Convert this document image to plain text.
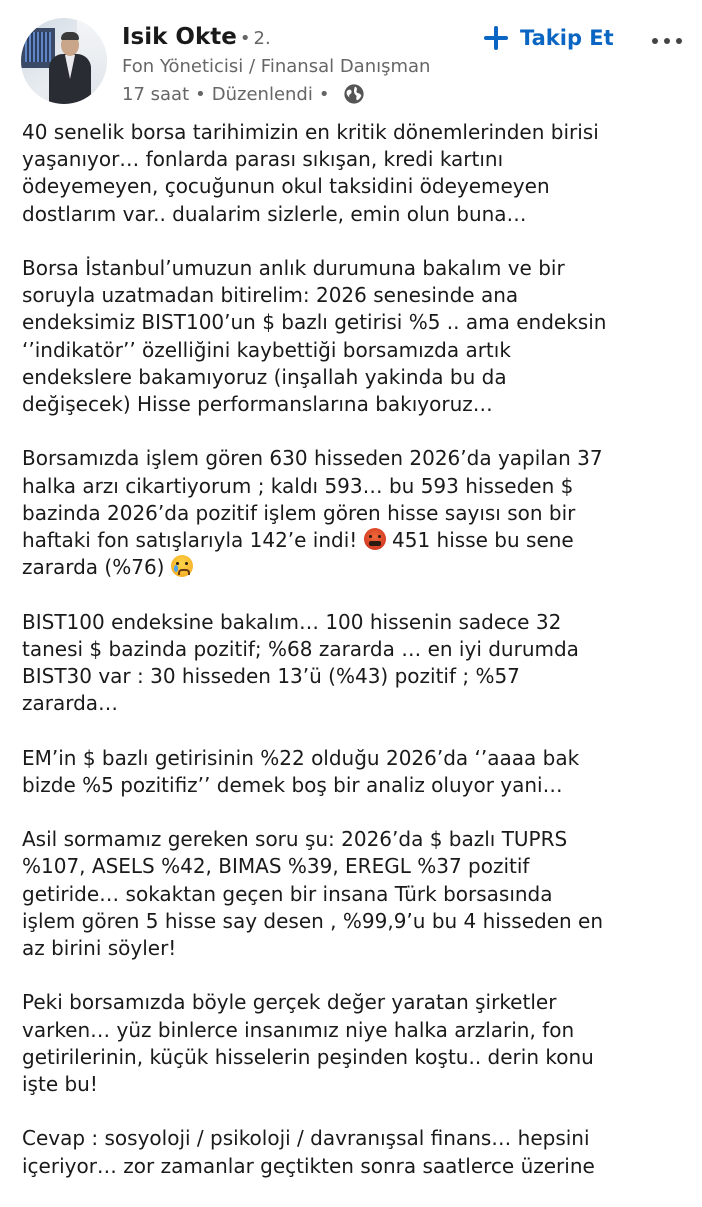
Isik Okte • 2.
Fon Yöneticisi / Finansal Danışman
17 saat • Düzenlendi •
Takip Et

40 senelik borsa tarihimizin en kritik dönemlerinden birisi
yaşanıyor… fonlarda parası sıkışan, kredi kartını
ödeyemeyen, çocuğunun okul taksidini ödeyemeyen
dostlarım var.. dualarim sizlerle, emin olun buna…

Borsa İstanbul’umuzun anlık durumuna bakalım ve bir
soruyla uzatmadan bitirelim: 2026 senesinde ana
endeksimiz BIST100’un $ bazlı getirisi %5 .. ama endeksin
‘’indikatör’’ özelliğini kaybettiği borsamızda artık
endekslere bakamıyoruz (inşallah yakinda bu da
değişecek) Hisse performanslarına bakıyoruz…

Borsamızda işlem gören 630 hisseden 2026’da yapilan 37
halka arzı cikartiyorum ; kaldı 593… bu 593 hisseden $
bazinda 2026’da pozitif işlem gören hisse sayısı son bir
haftaki fon satışlarıyla 142’e indi!  451 hisse bu sene
zararda (%76)

BIST100 endeksine bakalım… 100 hissenin sadece 32
tanesi $ bazinda pozitif; %68 zararda … en iyi durumda
BIST30 var : 30 hisseden 13’ü (%43) pozitif ; %57
zararda…

EM’in $ bazlı getirisinin %22 olduğu 2026’da ‘’aaaa bak
bizde %5 pozitifiz’’ demek boş bir analiz oluyor yani…

Asil sormamız gereken soru şu: 2026’da $ bazlı TUPRS
%107, ASELS %42, BIMAS %39, EREGL %37 pozitif
getiride… sokaktan geçen bir insana Türk borsasında
işlem gören 5 hisse say desen , %99,9’u bu 4 hisseden en
az birini söyler!

Peki borsamızda böyle gerçek değer yaratan şirketler
varken… yüz binlerce insanımız niye halka arzlarin, fon
getirilerinin, küçük hisselerin peşinden koştu.. derin konu
işte bu!

Cevap : sosyoloji / psikoloji / davranışsal finans… hepsini
içeriyor… zor zamanlar geçtikten sonra saatlerce üzerine
